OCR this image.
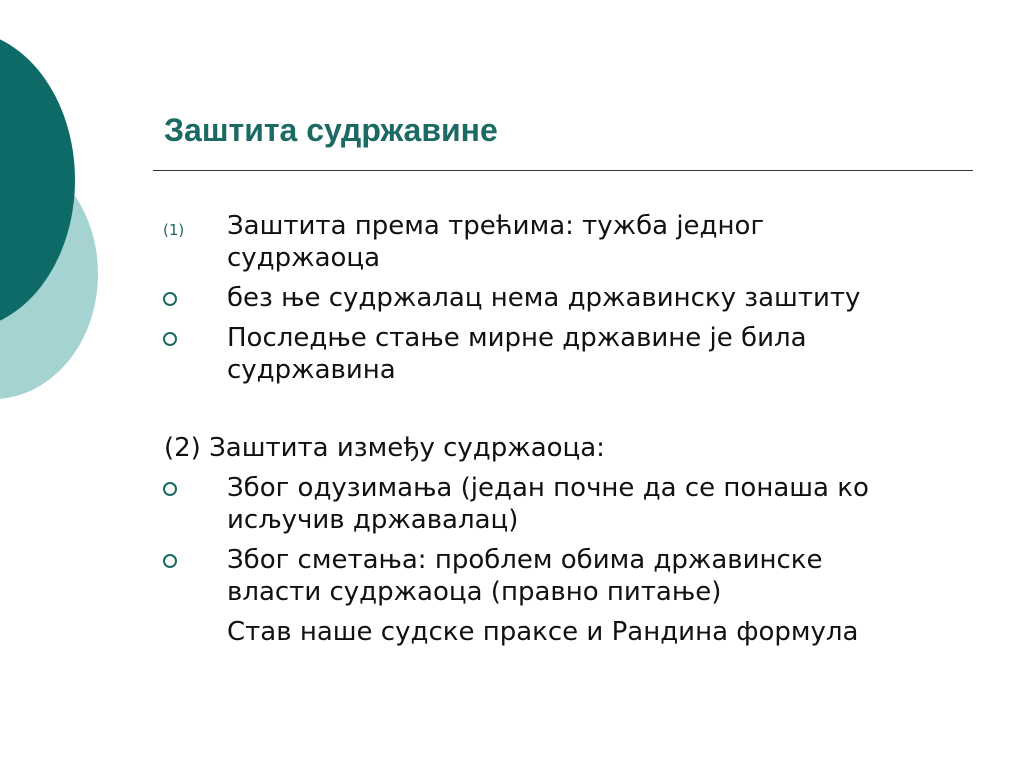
Заштита судржавине
(1) Заштита према трећима: тужба једног
судржаоца
без ње судржалац нема државинску заштиту
Последње стање мирне државине је била
судржавина
(2) Заштита између судржаоца:
Због одузимања (један почне да се понаша ко
исључив државалац)
Због сметања: проблем обима државинске
власти судржаоца (правно питање)
Став наше судске праксе и Рандина формула
